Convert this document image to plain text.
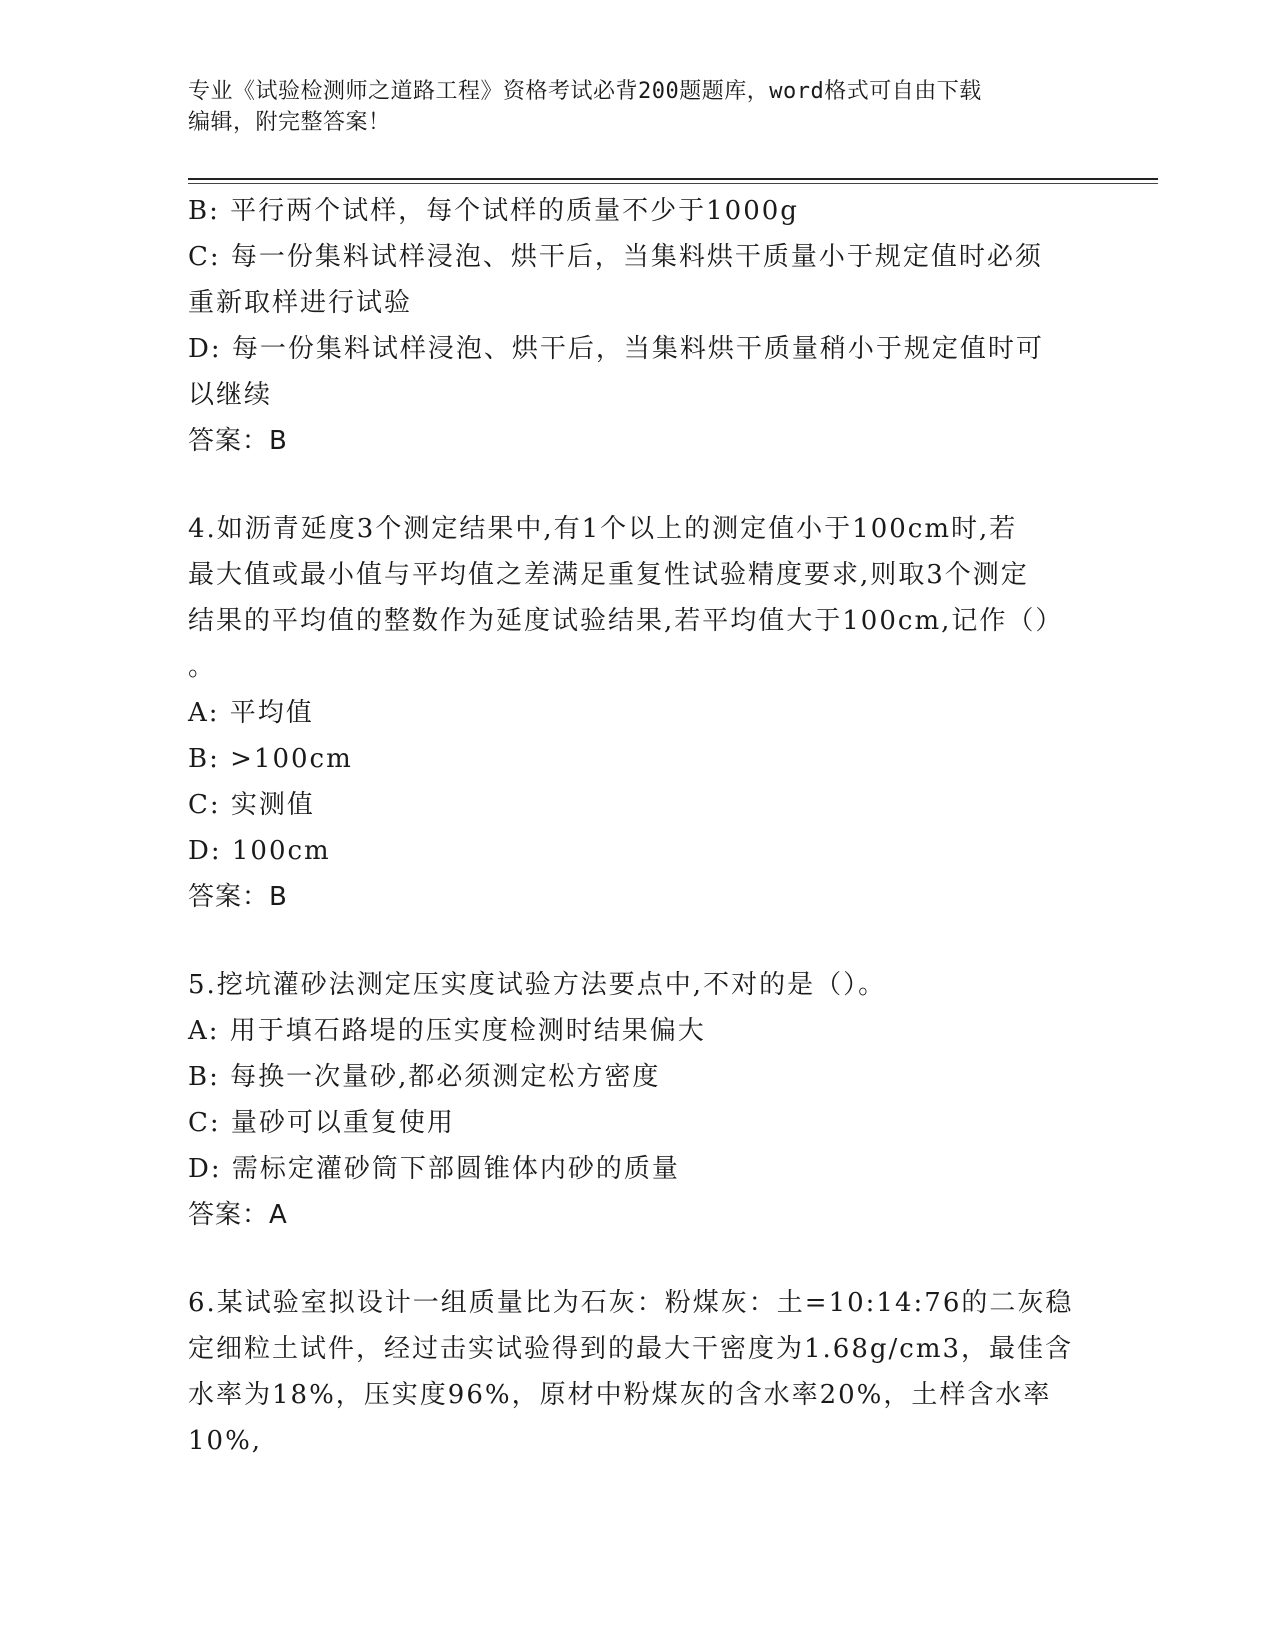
专业《试验检测师之道路工程》资格考试必背200题题库，word格式可自由下载
编辑，附完整答案！
B: 平行两个试样，每个试样的质量不少于1000g
C: 每一份集料试样浸泡、烘干后，当集料烘干质量小于规定值时必须
重新取样进行试验
D: 每一份集料试样浸泡、烘干后，当集料烘干质量稍小于规定值时可
以继续
答案：B
4.如沥青延度3个测定结果中,有1个以上的测定值小于100cm时,若
最大值或最小值与平均值之差满足重复性试验精度要求,则取3个测定
结果的平均值的整数作为延度试验结果,若平均值大于100cm,记作（）
。
A: 平均值
B: >100cm
C: 实测值
D: 100cm
答案：B
5.挖坑灌砂法测定压实度试验方法要点中,不对的是（）。
A: 用于填石路堤的压实度检测时结果偏大
B: 每换一次量砂,都必须测定松方密度
C: 量砂可以重复使用
D: 需标定灌砂筒下部圆锥体内砂的质量
答案：A
6.某试验室拟设计一组质量比为石灰：粉煤灰：土=10:14:76的二灰稳
定细粒土试件，经过击实试验得到的最大干密度为1.68g/cm3，最佳含
水率为18%，压实度96%，原材中粉煤灰的含水率20%，土样含水率
10%,
